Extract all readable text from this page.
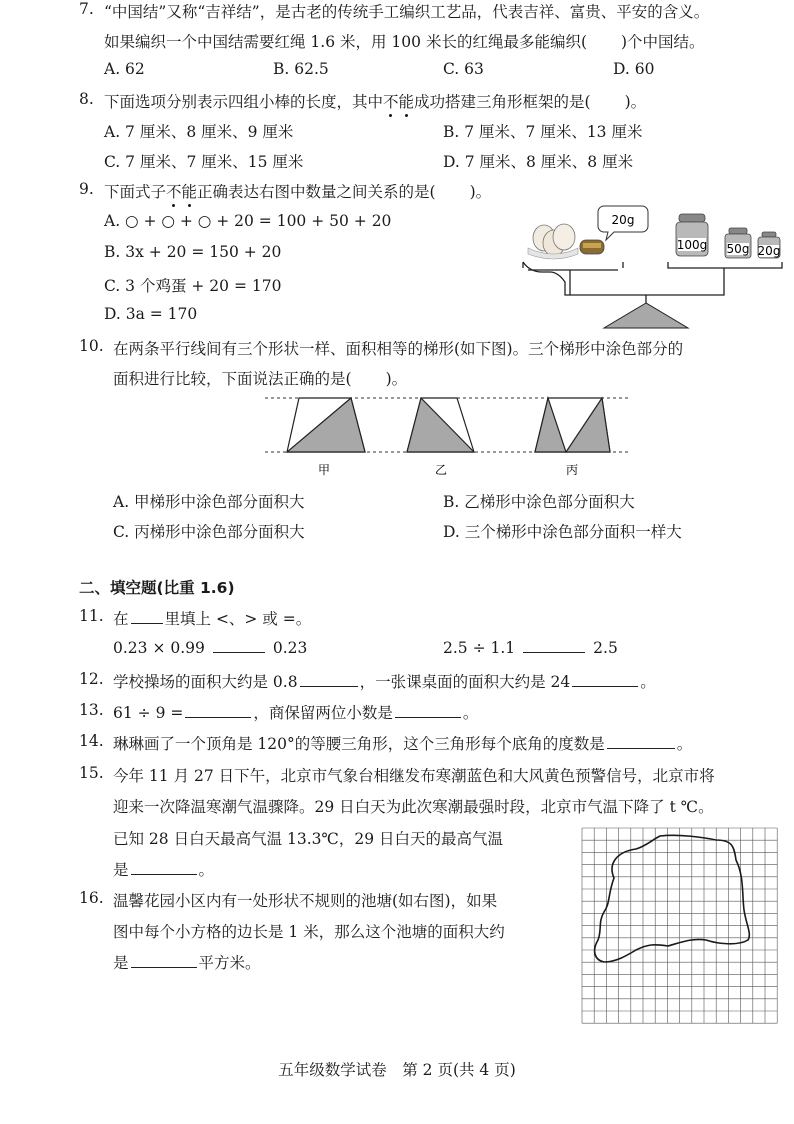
7. “中国结”又称“吉祥结”，是古老的传统手工编织工艺品，代表吉祥、富贵、平安的含义。
如果编织一个中国结需要红绳 1.6 米，用 100 米长的红绳最多能编织( )个中国结。
A. 62	B. 62.5	C. 63	D. 60
8. 下面选项分别表示四组小棒的长度，其中不能成功搭建三角形框架的是( )。
A. 7 厘米、8 厘米、9 厘米	B. 7 厘米、7 厘米、13 厘米
C. 7 厘米、7 厘米、15 厘米	D. 7 厘米、8 厘米、8 厘米
9. 下面式子不能正确表达右图中数量之间关系的是( )。
A. ○ + ○ + ○ + 20 = 100 + 50 + 20
B. 3x + 20 = 150 + 20
C. 3 个鸡蛋 + 20 = 170
D. 3a = 170
20g
100g 50g 20g
10. 在两条平行线间有三个形状一样、面积相等的梯形(如下图)。三个梯形中涂色部分的
面积进行比较，下面说法正确的是( )。
甲	乙	丙
A. 甲梯形中涂色部分面积大	B. 乙梯形中涂色部分面积大
C. 丙梯形中涂色部分面积大	D. 三个梯形中涂色部分面积一样大
二、填空题(比重 1.6)
11. 在 里填上 <、> 或 =。
0.23 × 0.99	0.23	2.5 ÷ 1.1	2.5
12. 学校操场的面积大约是 0.8	，一张课桌面的面积大约是 24	。
13. 61 ÷ 9 =	，商保留两位小数是	。
14. 琳琳画了一个顶角是 120°的等腰三角形，这个三角形每个底角的度数是	。
15. 今年 11 月 27 日下午，北京市气象台相继发布寒潮蓝色和大风黄色预警信号，北京市将
迎来一次降温寒潮气温骤降。29 日白天为此次寒潮最强时段，北京市气温下降了 t ℃。
已知 28 日白天最高气温 13.3℃，29 日白天的最高气温
是	。
16. 温馨花园小区内有一处形状不规则的池塘(如右图)，如果
图中每个小方格的边长是 1 米，那么这个池塘的面积大约
是	平方米。
五年级数学试卷　第 2 页(共 4 页)
